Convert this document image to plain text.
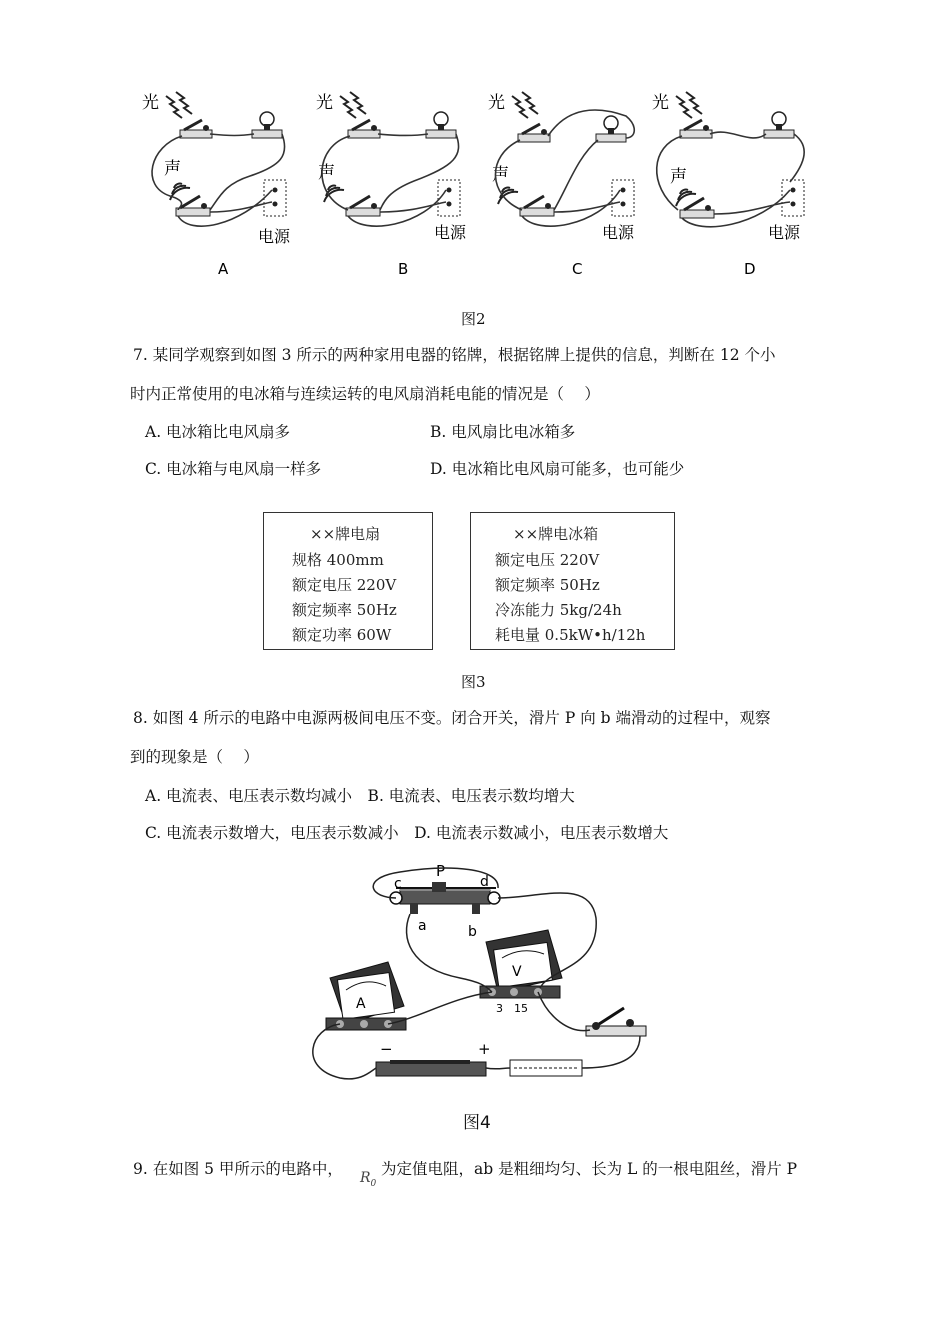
光
声
电源
A
光
声
电源
B
光
声
电源
C
光
声
电源
D
图2
7. 某同学观察到如图 3 所示的两种家用电器的铭牌，根据铭牌上提供的信息，判断在 12 个小
时内正常使用的电冰箱与连续运转的电风扇消耗电能的情况是（　 ）
A. 电冰箱比电风扇多	B. 电风扇比电冰箱多
C. 电冰箱与电风扇一样多	D. 电冰箱比电风扇可能多，也可能少
××牌电扇
规格 400mm
额定电压 220V
额定频率 50Hz
额定功率 60W
××牌电冰箱
额定电压 220V
额定频率 50Hz
冷冻能力 5kg/24h
耗电量 0.5kW•h/12h
图3
8. 如图 4 所示的电路中电源两极间电压不变。闭合开关，滑片 P 向 b 端滑动的过程中，观察
到的现象是（　 ）
A. 电流表、电压表示数均减小　B. 电流表、电压表示数均增大
C. 电流表示数增大，电压表示数减小　D. 电流表示数减小，电压表示数增大
c
P
d
a	b
A
V
3 15
−	+
图4
9. 在如图 5 甲所示的电路中， $R_0$
为定值电阻，ab 是粗细均匀、长为 L 的一根电阻丝，滑片 P
